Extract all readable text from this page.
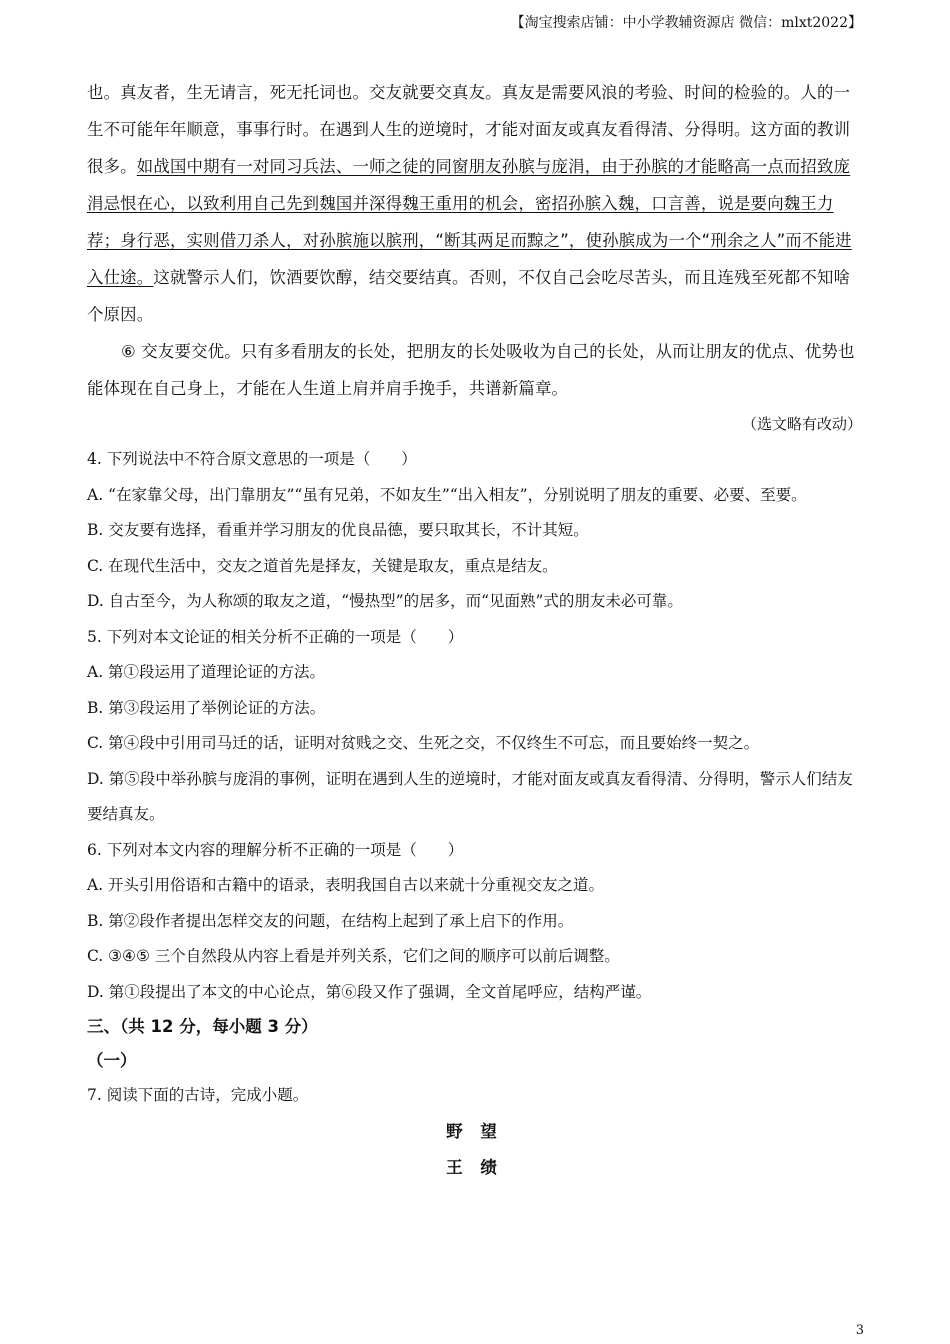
【淘宝搜索店铺：中小学教辅资源店 微信：mlxt2022】

也。真友者，生无请言，死无托词也。交友就要交真友。真友是需要风浪的考验、时间的检验的。人的一生不可能年年顺意，事事行时。在遇到人生的逆境时，才能对面友或真友看得清、分得明。这方面的教训很多。如战国中期有一对同习兵法、一师之徒的同窗朋友孙膑与庞涓，由于孙膑的才能略高一点而招致庞涓忌恨在心，以致利用自己先到魏国并深得魏王重用的机会，密招孙膑入魏，口言善，说是要向魏王力荐；身行恶，实则借刀杀人，对孙膑施以膑刑，“断其两足而黥之”，使孙膑成为一个“刑余之人”而不能进入仕途。这就警示人们，饮酒要饮醇，结交要结真。否则，不仅自己会吃尽苦头，而且连残至死都不知啥个原因。

⑥ 交友要交优。只有多看朋友的长处，把朋友的长处吸收为自己的长处，从而让朋友的优点、优势也能体现在自己身上，才能在人生道上肩并肩手挽手，共谱新篇章。

（选文略有改动）

4. 下列说法中不符合原文意思的一项是（　　）

A. “在家靠父母，出门靠朋友”“虽有兄弟，不如友生”“出入相友”，分别说明了朋友的重要、必要、至要。

B. 交友要有选择，看重并学习朋友的优良品德，要只取其长，不计其短。

C. 在现代生活中，交友之道首先是择友，关键是取友，重点是结友。

D. 自古至今，为人称颂的取友之道，“慢热型”的居多，而“见面熟”式的朋友未必可靠。

5. 下列对本文论证的相关分析不正确的一项是（　　）

A. 第①段运用了道理论证的方法。

B. 第③段运用了举例论证的方法。

C. 第④段中引用司马迁的话，证明对贫贱之交、生死之交，不仅终生不可忘，而且要始终一契之。

D. 第⑤段中举孙膑与庞涓的事例，证明在遇到人生的逆境时，才能对面友或真友看得清、分得明，警示人们结友要结真友。

6. 下列对本文内容的理解分析不正确的一项是（　　）

A. 开头引用俗语和古籍中的语录，表明我国自古以来就十分重视交友之道。

B. 第②段作者提出怎样交友的问题，在结构上起到了承上启下的作用。

C. ③④⑤ 三个自然段从内容上看是并列关系，它们之间的顺序可以前后调整。

D. 第①段提出了本文的中心论点，第⑥段又作了强调，全文首尾呼应，结构严谨。

三、（共 12 分，每小题 3 分）

（一）

7. 阅读下面的古诗，完成小题。

野 望

王 绩

3
